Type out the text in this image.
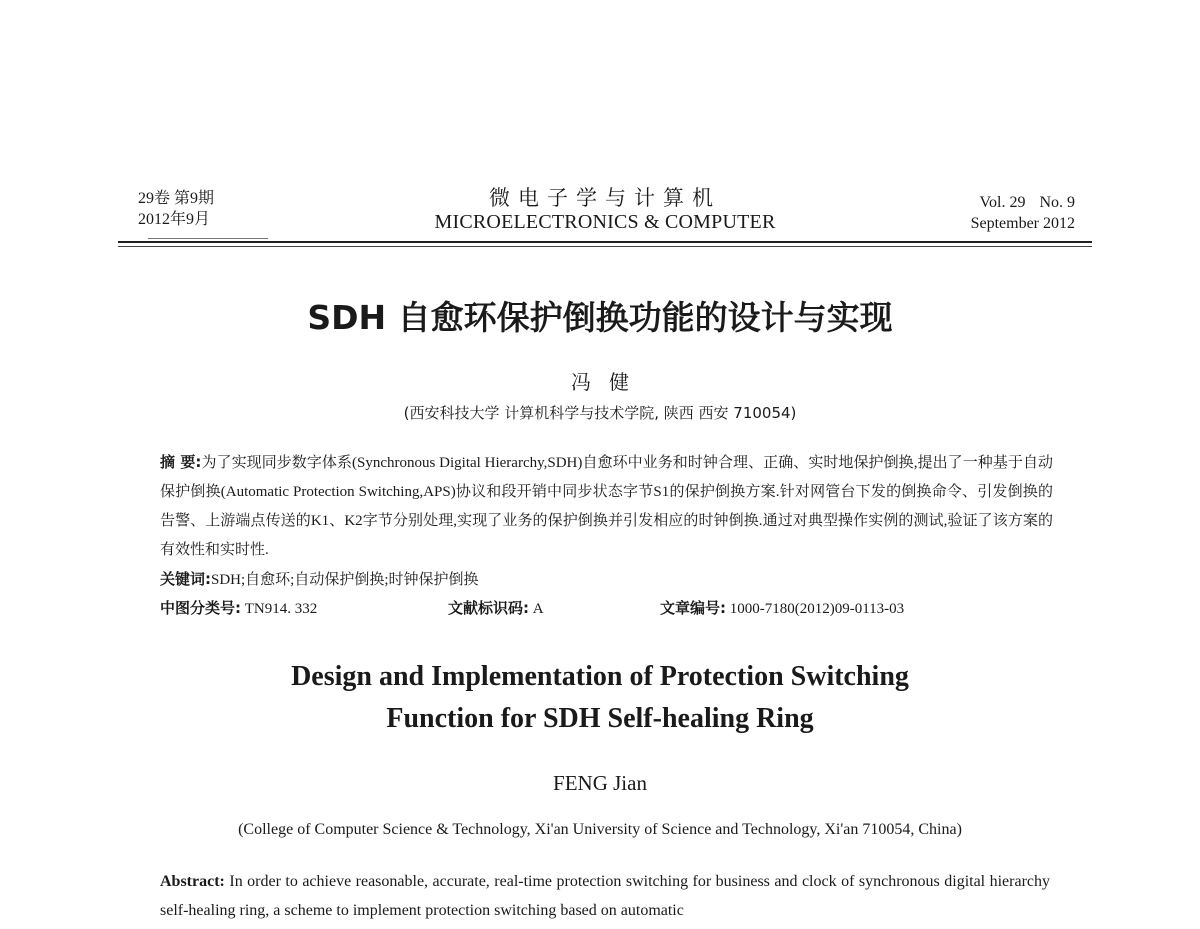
29卷 第9期
2012年9月
微电子学与计算机
MICROELECTRONICS & COMPUTER
Vol. 29 No. 9
September 2012
SDH 自愈环保护倒换功能的设计与实现
冯健
(西安科技大学 计算机科学与技术学院, 陕西 西安 710054)
摘 要:为了实现同步数字体系(Synchronous Digital Hierarchy,SDH)自愈环中业务和时钟合理、正确、实时地保护倒换,提出了一种基于自动保护倒换(Automatic Protection Switching,APS)协议和段开销中同步状态字节S1的保护倒换方案.针对网管台下发的倒换命令、引发倒换的告警、上游端点传送的K1、K2字节分别处理,实现了业务的保护倒换并引发相应的时钟倒换.通过对典型操作实例的测试,验证了该方案的有效性和实时性.
关键词:SDH;自愈环;自动保护倒换;时钟保护倒换
中图分类号: TN914. 332	文献标识码: A	文章编号: 1000-7180(2012)09-0113-03
Design and Implementation of Protection Switching
Function for SDH Self-healing Ring
FENG Jian
(College of Computer Science & Technology, Xi'an University of Science and Technology, Xi'an 710054, China)
Abstract: In order to achieve reasonable, accurate, real-time protection switching for business and clock of synchronous digital hierarchy self-healing ring, a scheme to implement protection switching based on automatic
